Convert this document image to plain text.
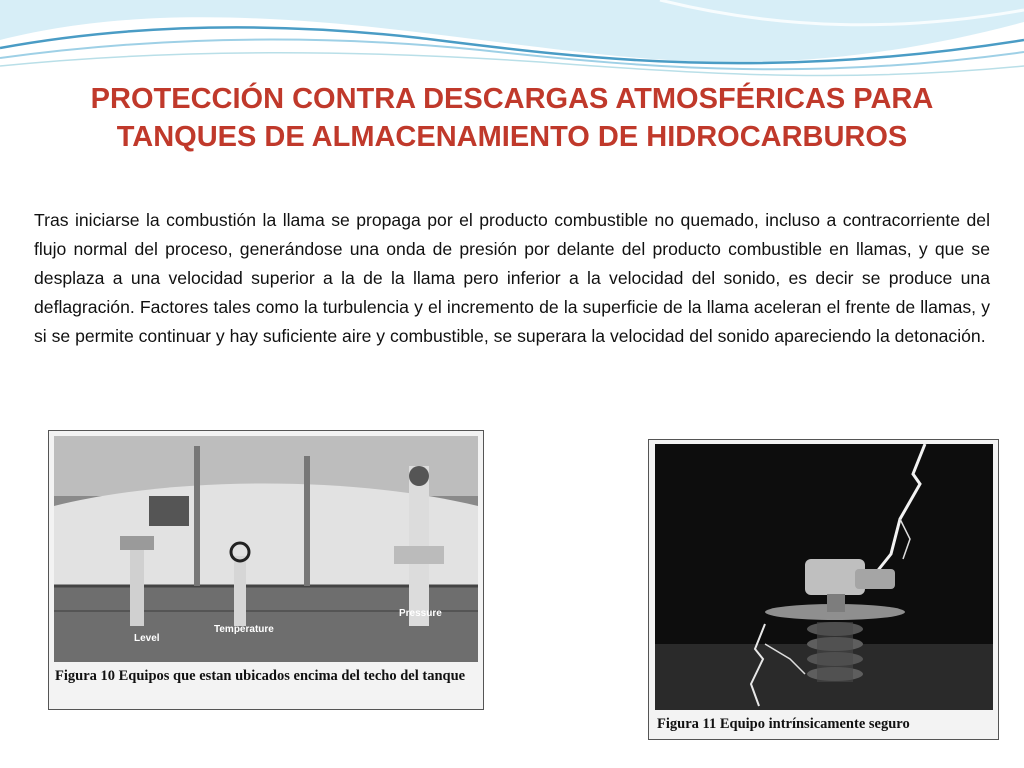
PROTECCIÓN CONTRA DESCARGAS ATMOSFÉRICAS PARA
TANQUES DE ALMACENAMIENTO DE HIDROCARBUROS

Tras iniciarse la combustión la llama se propaga por el producto combustible no quemado, incluso a contracorriente del flujo normal del proceso, generándose una onda de presión por delante del producto combustible en llamas, y que se desplaza a una velocidad superior a la de la llama pero inferior a la velocidad del sonido, es decir se produce una deflagración. Factores tales como la turbulencia y el incremento de la superficie de la llama aceleran el frente de llamas, y si se permite continuar y hay suficiente aire y combustible, se superara la velocidad del sonido apareciendo la detonación.

Level
Temperature
Pressure
Figura 10 Equipos que estan ubicados encima del techo del tanque
Figura 11 Equipo intrínsicamente seguro
